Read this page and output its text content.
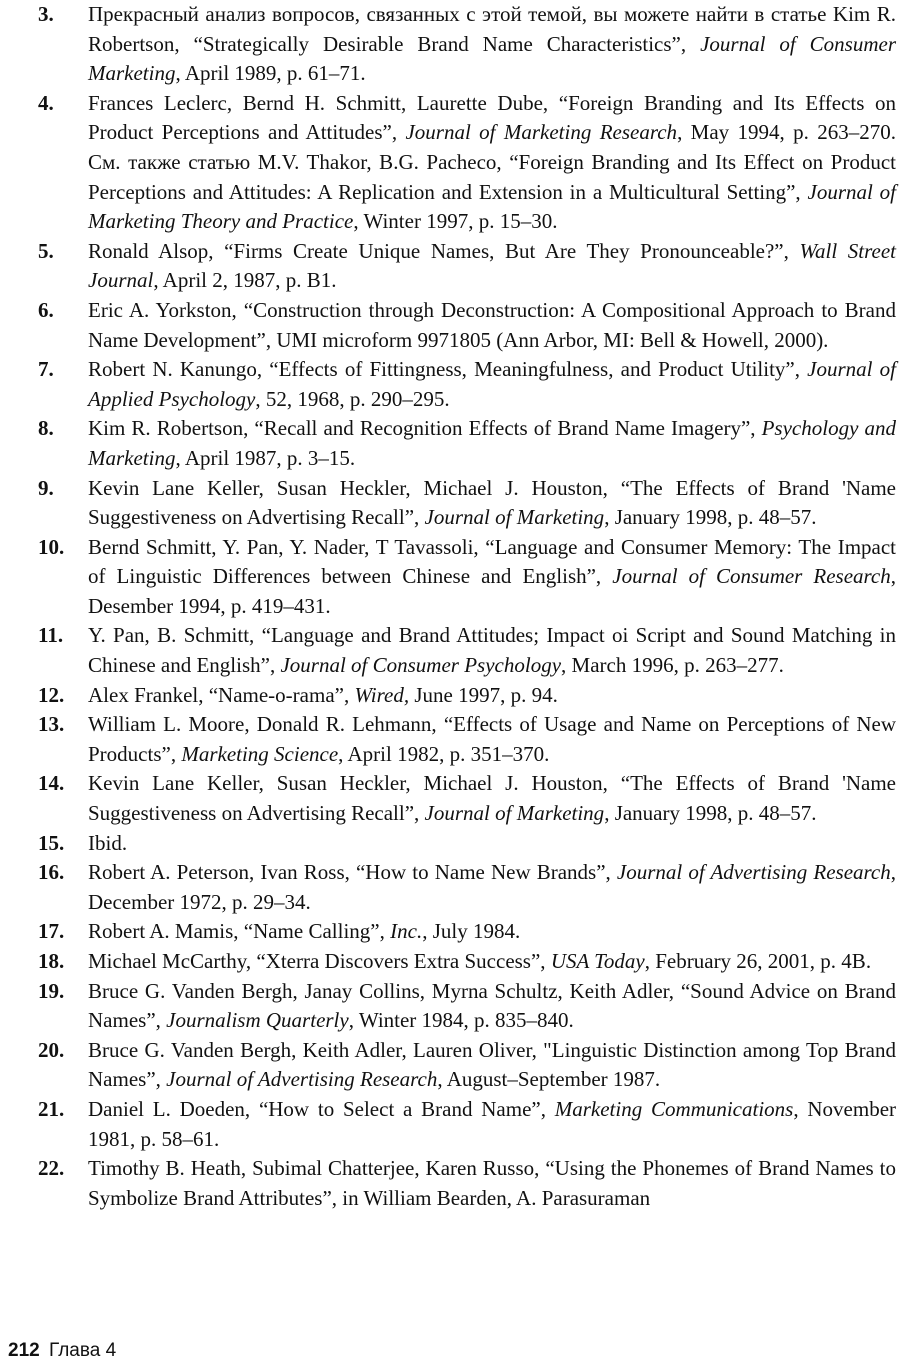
3.	Прекрасный анализ вопросов, связанных с этой темой, вы можете найти в статье Kim R. Robertson, “Strategically Desirable Brand Name Characteristics”, Journal of Consumer Marketing, April 1989, p. 61–71.
4.	Frances Leclerc, Bernd H. Schmitt, Laurette Dube, “Foreign Branding and Its Effects on Product Perceptions and Attitudes”, Journal of Marketing Research, May 1994, p. 263–270. См. также статью M.V. Thakor, B.G. Pacheco, “Foreign Branding and Its Effect on Product Perceptions and Attitudes: A Replication and Extension in a Multicultural Setting”, Journal of Marketing Theory and Practice, Winter 1997, p. 15–30.
5.	Ronald Alsop, “Firms Create Unique Names, But Are They Pronounceable?”, Wall Street Journal, April 2, 1987, p. B1.
6.	Eric A. Yorkston, “Construction through Deconstruction: A Compositional Approach to Brand Name Development”, UMI microform 9971805 (Ann Arbor, MI: Bell & Howell, 2000).
7.	Robert N. Kanungo, “Effects of Fittingness, Meaningfulness, and Product Utility”, Journal of Applied Psychology, 52, 1968, p. 290–295.
8.	Kim R. Robertson, “Recall and Recognition Effects of Brand Name Imagery”, Psychology and Marketing, April 1987, p. 3–15.
9.	Kevin Lane Keller, Susan Heckler, Michael J. Houston, “The Effects of Brand 'Name Suggestiveness on Advertising Recall”, Journal of Marketing, January 1998, p. 48–57.
10.	Bernd Schmitt, Y. Pan, Y. Nader, T Tavassoli, “Language and Consumer Memory: The Impact of Linguistic Differences between Chinese and English”, Journal of Consumer Research, Desember 1994, p. 419–431.
11.	Y. Pan, B. Schmitt, “Language and Brand Attitudes; Impact oi Script and Sound Matching in Chinese and English”, Journal of Consumer Psychology, March 1996, p. 263–277.
12.	Alex Frankel, “Name-o-rama”, Wired, June 1997, p. 94.
13.	William L. Moore, Donald R. Lehmann, “Effects of Usage and Name on Perceptions of New Products”, Marketing Science, April 1982, p. 351–370.
14.	Kevin Lane Keller, Susan Heckler, Michael J. Houston, “The Effects of Brand 'Name Suggestiveness on Advertising Recall”, Journal of Marketing, January 1998, p. 48–57.
15.	Ibid.
16.	Robert A. Peterson, Ivan Ross, “How to Name New Brands”, Journal of Advertising Research, December 1972, p. 29–34.
17.	Robert A. Mamis, “Name Calling”, Inc., July 1984.
18.	Michael McCarthy, “Xterra Discovers Extra Success”, USA Today, February 26, 2001, p. 4B.
19.	Bruce G. Vanden Bergh, Janay Collins, Myrna Schultz, Keith Adler, “Sound Advice on Brand Names”, Journalism Quarterly, Winter 1984, p. 835–840.
20.	Bruce G. Vanden Bergh, Keith Adler, Lauren Oliver, "Linguistic Distinction among Top Brand Names”, Journal of Advertising Research, August–September 1987.
21.	Daniel L. Doeden, “How to Select a Brand Name”, Marketing Communications, November 1981, p. 58–61.
22.	Timothy B. Heath, Subimal Chatterjee, Karen Russo, “Using the Phonemes of Brand Names to Symbolize Brand Attributes”, in William Bearden, A. Parasuraman
212 Глава 4
